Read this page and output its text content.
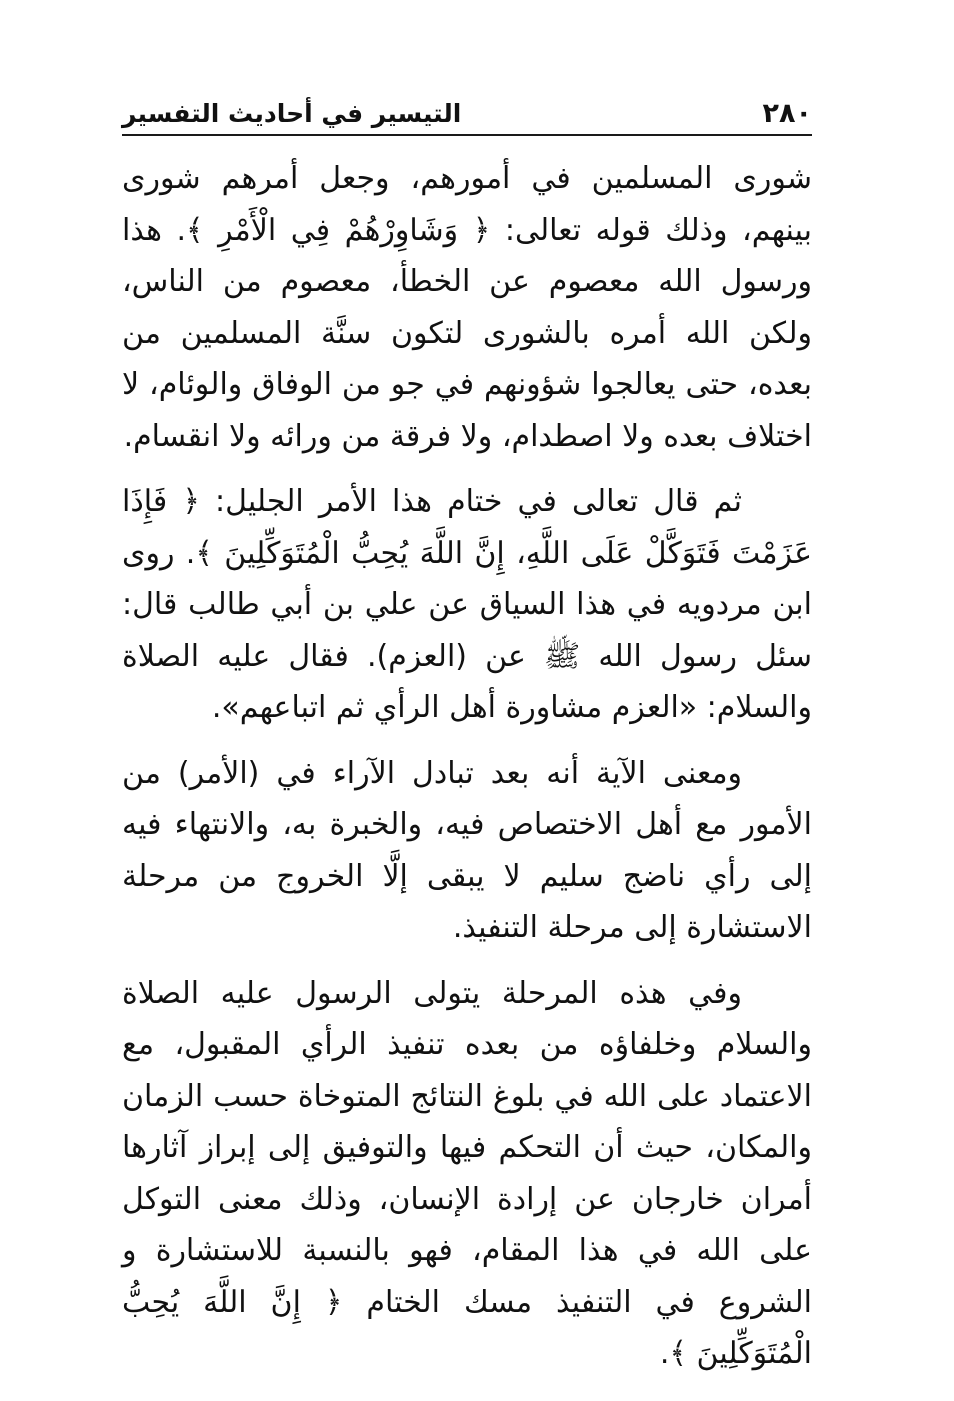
٢٨٠
التيسير في أحاديث التفسير

شورى المسلمين في أمورهم، وجعل أمرهم شورى بينهم، وذلك قوله تعالى: ﴿ وَشَاوِرْهُمْ فِي الْأَمْرِ ﴾. هذا ورسول الله معصوم عن الخطأ، معصوم من الناس، ولكن الله أمره بالشورى لتكون سنَّة المسلمين من بعده، حتى يعالجوا شؤونهم في جو من الوفاق والوئام، لا اختلاف بعده ولا اصطدام، ولا فرقة من ورائه ولا انقسام.

ثم قال تعالى في ختام هذا الأمر الجليل: ﴿ فَإِذَا عَزَمْتَ فَتَوَكَّلْ عَلَى اللَّهِ، إِنَّ اللَّهَ يُحِبُّ الْمُتَوَكِّلِينَ ﴾. روى ابن مردويه في هذا السياق عن علي بن أبي طالب قال: سئل رسول الله ﷺ عن (العزم). فقال عليه الصلاة والسلام: «العزم مشاورة أهل الرأي ثم اتباعهم».

ومعنى الآية أنه بعد تبادل الآراء في (الأمر) من الأمور مع أهل الاختصاص فيه، والخبرة به، والانتهاء فيه إلى رأي ناضج سليم لا يبقى إلَّا الخروج من مرحلة الاستشارة إلى مرحلة التنفيذ.

وفي هذه المرحلة يتولى الرسول عليه الصلاة والسلام وخلفاؤه من بعده تنفيذ الرأي المقبول، مع الاعتماد على الله في بلوغ النتائج المتوخاة حسب الزمان والمكان، حيث أن التحكم فيها والتوفيق إلى إبراز آثارها أمران خارجان عن إرادة الإنسان، وذلك معنى التوكل على الله في هذا المقام، فهو بالنسبة للاستشارة و الشروع في التنفيذ مسك الختام ﴿ إِنَّ اللَّهَ يُحِبُّ الْمُتَوَكِّلِينَ ﴾.
